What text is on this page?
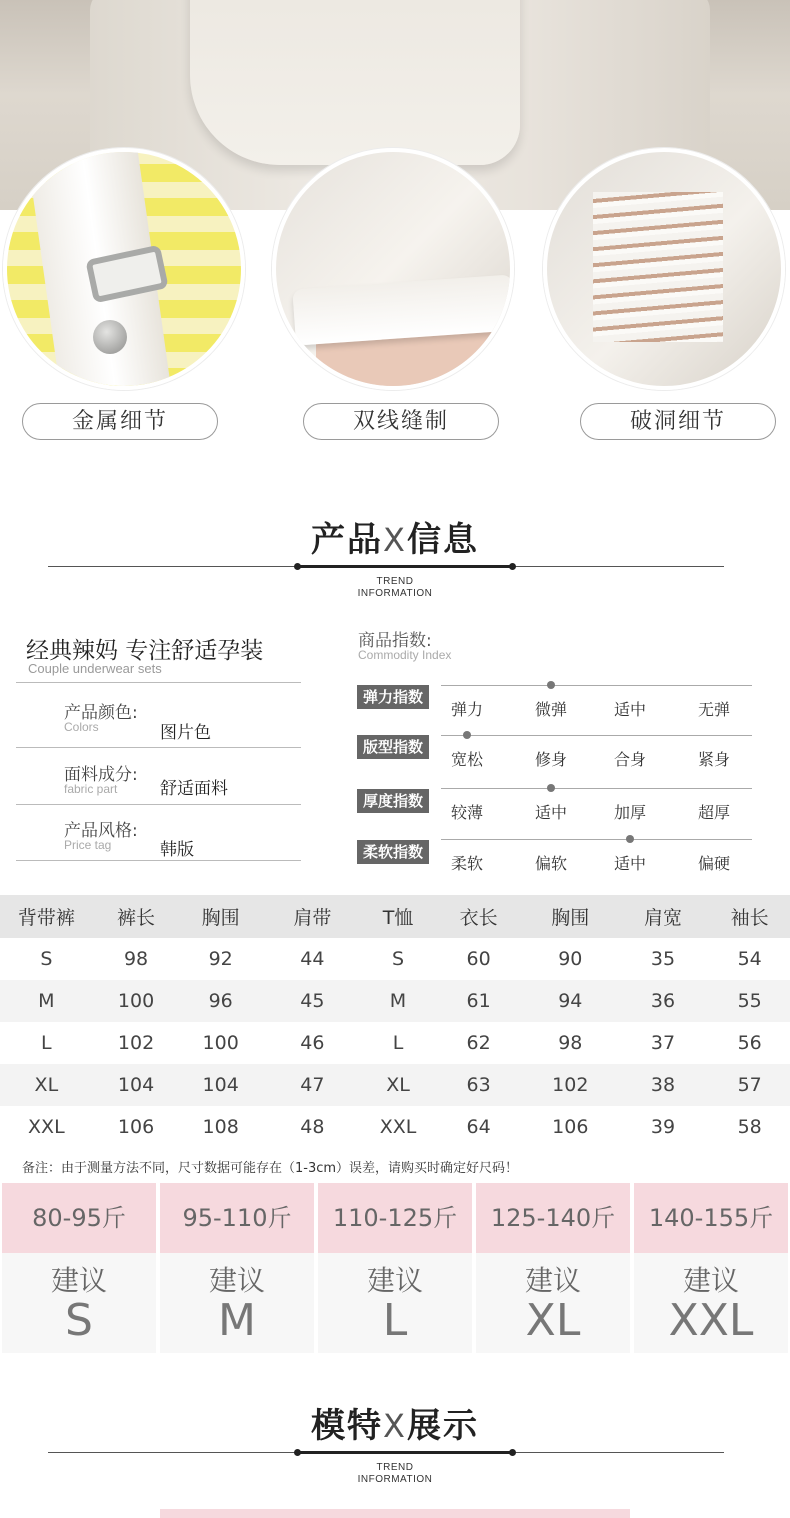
金属细节	双线缝制	破洞细节
产品X信息
TREND
INFORMATION
经典辣妈 专注舒适孕装
Couple underwear sets
产品颜色:
Colors	图片色
面料成分:
fabric part	舒适面料
产品风格:
Price tag	韩版
商品指数:
Commodity Index
弹力指数
弹力	微弹	适中	无弹
版型指数
宽松	修身	合身	紧身
厚度指数
较薄	适中	加厚	超厚
柔软指数
柔软	偏软	适中	偏硬
背带裤	裤长	胸围	肩带	T恤	衣长	胸围	肩宽	袖长
S	98	92	44	S	60	90	35	54
M	100	96	45	M	61	94	36	55
L	102	100	46	L	62	98	37	56
XL	104	104	47	XL	63	102	38	57
XXL	106	108	48	XXL	64	106	39	58
备注：由于测量方法不同，尺寸数据可能存在（1-3cm）误差，请购买时确定好尺码！
80-95斤
建议
S
95-110斤
建议
M
110-125斤
建议
L
125-140斤
建议
XL
140-155斤
建议
XXL
模特X展示
TREND
INFORMATION
